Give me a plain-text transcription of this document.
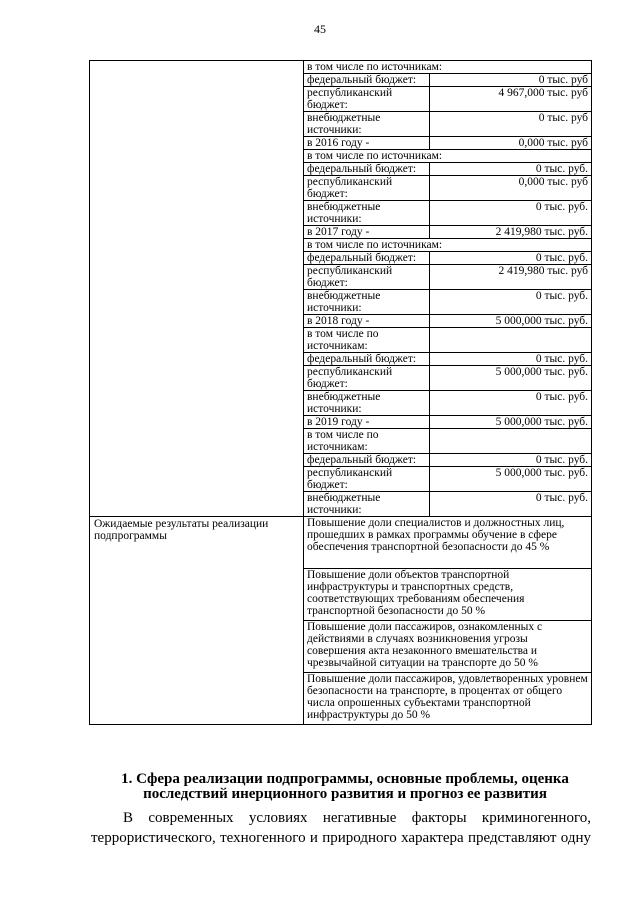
45
	в том числе по источникам:	
	федеральный бюджет:	0 тыс. руб
	республиканский бюджет:	4 967,000 тыс. руб
	внебюджетные источники:	0 тыс. руб
	в 2016 году -	0,000 тыс. руб
	в том числе по источникам:	
	федеральный бюджет:	0 тыс. руб.
	республиканский бюджет:	0,000 тыс. руб
	внебюджетные источники:	0 тыс. руб.
	в 2017 году -	2 419,980 тыс. руб.
	в том числе по источникам:	
	федеральный бюджет:	0 тыс. руб.
	республиканский бюджет:	2 419,980 тыс. руб
	внебюджетные источники:	0 тыс. руб.
	в 2018 году -	5 000,000 тыс. руб.
	в том числе по источникам:	
	федеральный бюджет:	0 тыс. руб.
	республиканский бюджет:	5 000,000 тыс. руб.
	внебюджетные источники:	0 тыс. руб.
	в 2019 году -	5 000,000 тыс. руб.
	в том числе по источникам:	
	федеральный бюджет:	0 тыс. руб.
	республиканский бюджет:	5 000,000 тыс. руб.
	внебюджетные источники:	0 тыс. руб.
Ожидаемые результаты реализации подпрограммы	Повышение доли специалистов и должностных лиц, прошедших в рамках программы обучение в сфере обеспечения транспортной безопасности до 45 %	
	Повышение доли объектов транспортной инфраструктуры и транспортных средств, соответствующих требованиям обеспечения транспортной безопасности до 50 %	
	Повышение доли пассажиров, ознакомленных с действиями в случаях возникновения угрозы совершения акта незаконного вмешательства и чрезвычайной ситуации на транспорте до 50 %	
	Повышение доли пассажиров, удовлетворенных уровнем безопасности на транспорте, в процентах от общего числа опрошенных субъектами транспортной инфраструктуры до 50 %	
1. Сфера реализации подпрограммы, основные проблемы, оценка последствий инерционного развития и прогноз ее развития
В современных условиях негативные факторы криминогенного,
террористического, техногенного и природного характера представляют одну
